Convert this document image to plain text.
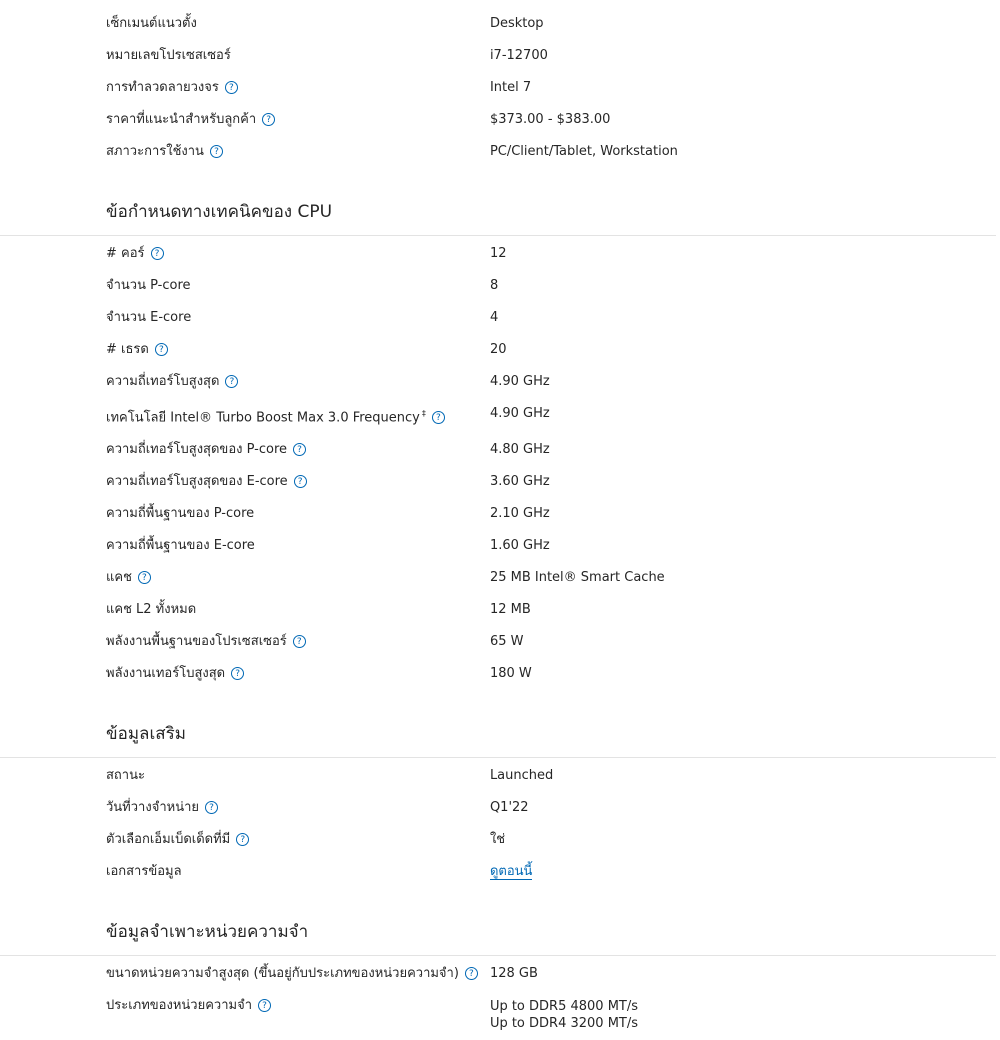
เซ็กเมนต์แนวตั้ง	Desktop
หมายเลขโปรเซสเซอร์	i7-12700
การทำลวดลายวงจร ?	Intel 7
ราคาที่แนะนำสำหรับลูกค้า ?	$373.00 - $383.00
สภาวะการใช้งาน ?	PC/Client/Tablet, Workstation

ข้อกำหนดทางเทคนิคของ CPU	

# คอร์ ?	12
จำนวน P-core	8
จำนวน E-core	4
# เธรด ?	20
ความถี่เทอร์โบสูงสุด ?	4.90 GHz
เทคโนโลยี Intel® Turbo Boost Max 3.0 Frequency ‡ ?	4.90 GHz
ความถี่เทอร์โบสูงสุดของ P-core ?	4.80 GHz
ความถี่เทอร์โบสูงสุดของ E-core ?	3.60 GHz
ความถี่พื้นฐานของ P-core	2.10 GHz
ความถี่พื้นฐานของ E-core	1.60 GHz
แคช ?	25 MB Intel® Smart Cache
แคช L2 ทั้งหมด	12 MB
พลังงานพื้นฐานของโปรเซสเซอร์ ?	65 W
พลังงานเทอร์โบสูงสุด ?	180 W

ข้อมูลเสริม	

สถานะ	Launched
วันที่วางจำหน่าย ?	Q1'22
ตัวเลือกเอ็มเบ็ดเด็ดที่มี ?	ใช่
เอกสารข้อมูล	ดูตอนนี้

ข้อมูลจำเพาะหน่วยความจำ	

ขนาดหน่วยความจำสูงสุด (ขึ้นอยู่กับประเภทของหน่วยความจำ) ?	128 GB
ประเภทของหน่วยความจำ ?	Up to DDR5 4800 MT/s
Up to DDR4 3200 MT/s
